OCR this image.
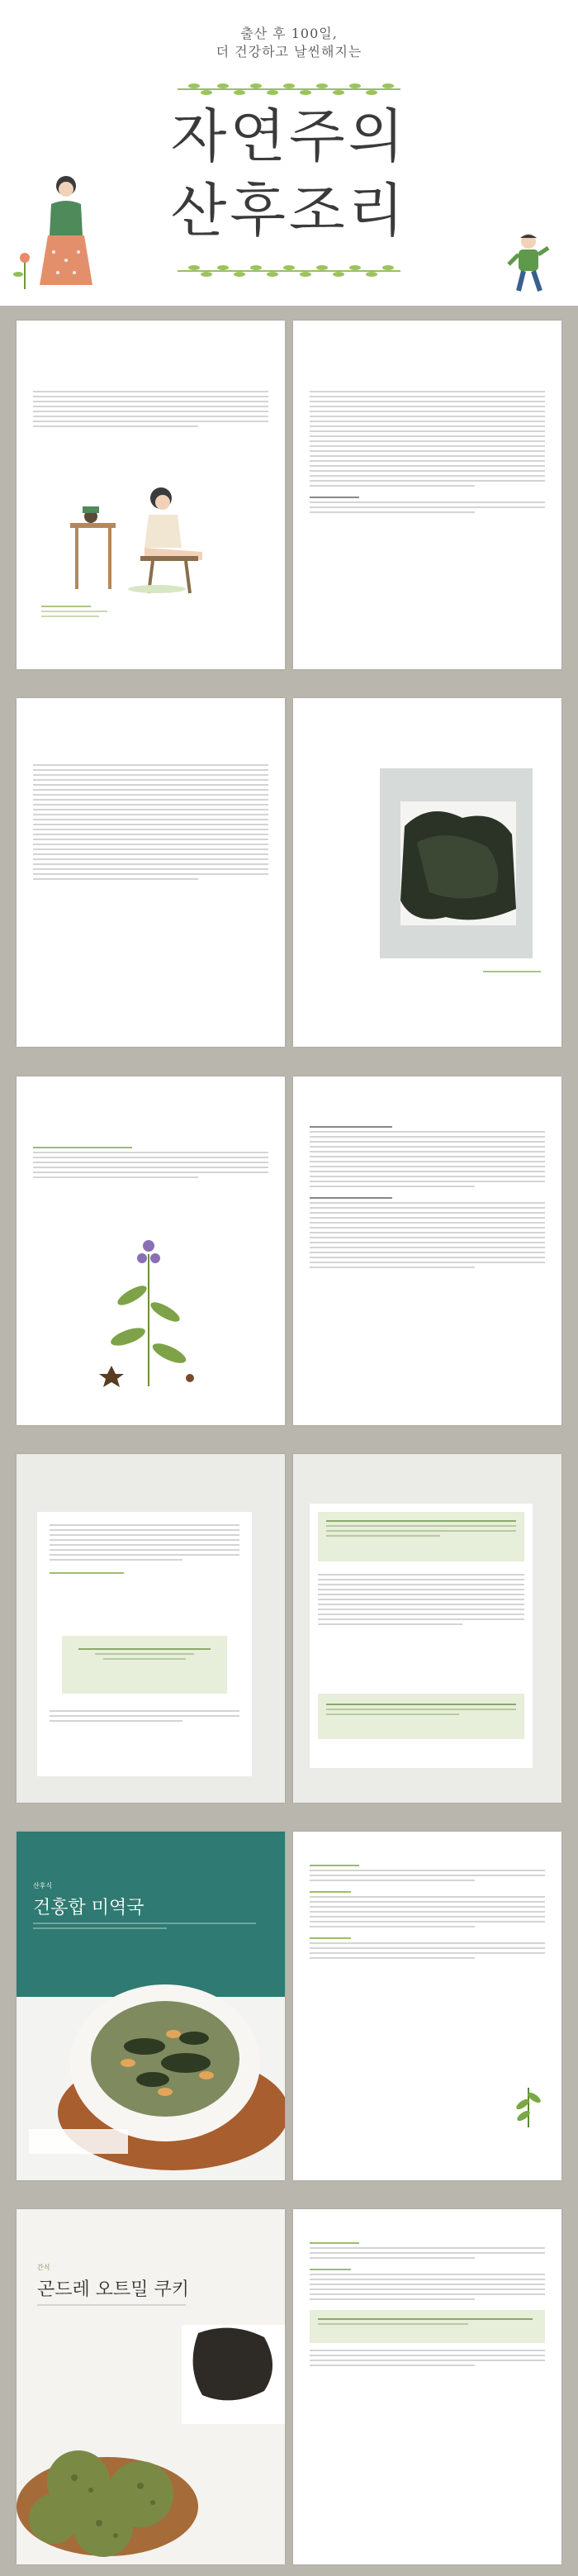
출산 후 100일,
더 건강하고 날씬해지는
자연주의
산후조리
산후식
건홍합 미역국
간식
곤드레 오트밀 쿠키
